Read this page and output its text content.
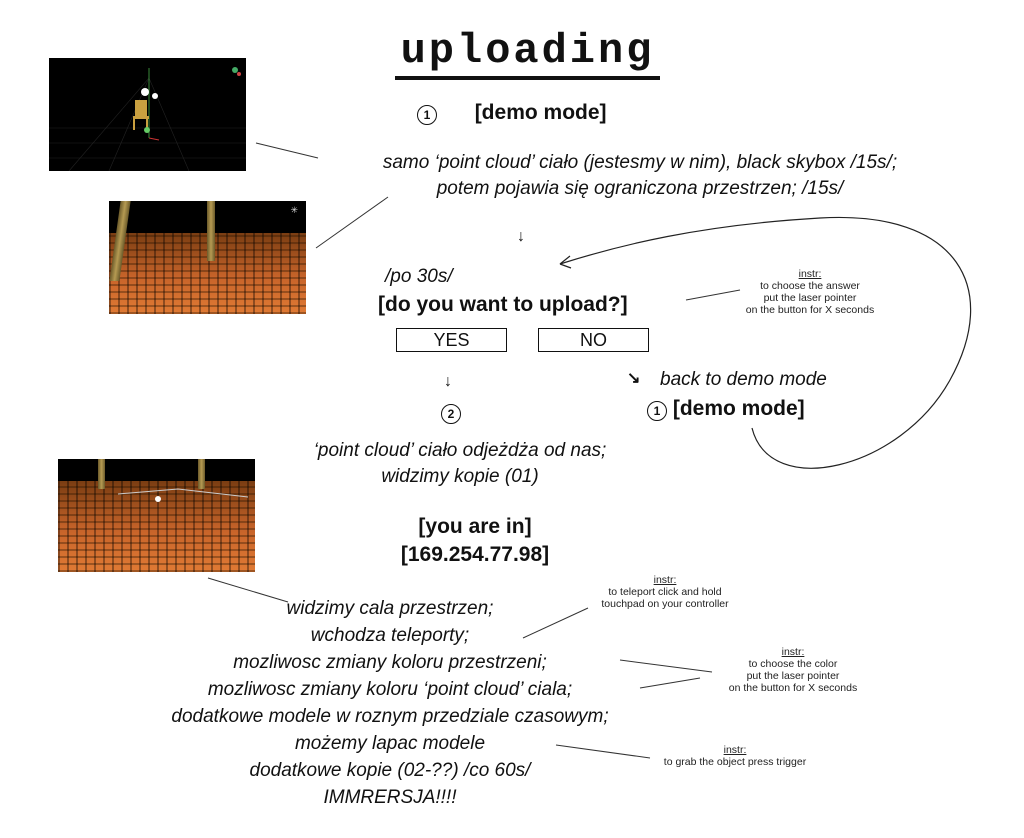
uploading
✳
1 [demo mode]
samo ‘point cloud’ ciało (jestesmy w nim), black skybox /15s/;
potem pojawia się ograniczona przestrzen; /15s/
↓
/po 30s/
[do you want to upload?]
instr:
to choose the answer
put the laser pointer
on the button for X seconds
YES	NO
↓	↘ back to demo mode
1 [demo mode]
2
‘point cloud’ ciało odjeżdża od nas;
widzimy kopie (01)
[you are in]
[169.254.77.98]
widzimy cala przestrzen;
wchodza teleporty;
mozliwosc zmiany koloru przestrzeni;
mozliwosc zmiany koloru ‘point cloud’ ciala;
dodatkowe modele w roznym przedziale czasowym;
możemy lapac modele
dodatkowe kopie (02-??) /co 60s/
IMMRERSJA!!!!
instr:
to teleport click and hold
touchpad on your controller
instr:
to choose the color
put the laser pointer
on the button for X seconds
instr:
to grab the object press trigger
